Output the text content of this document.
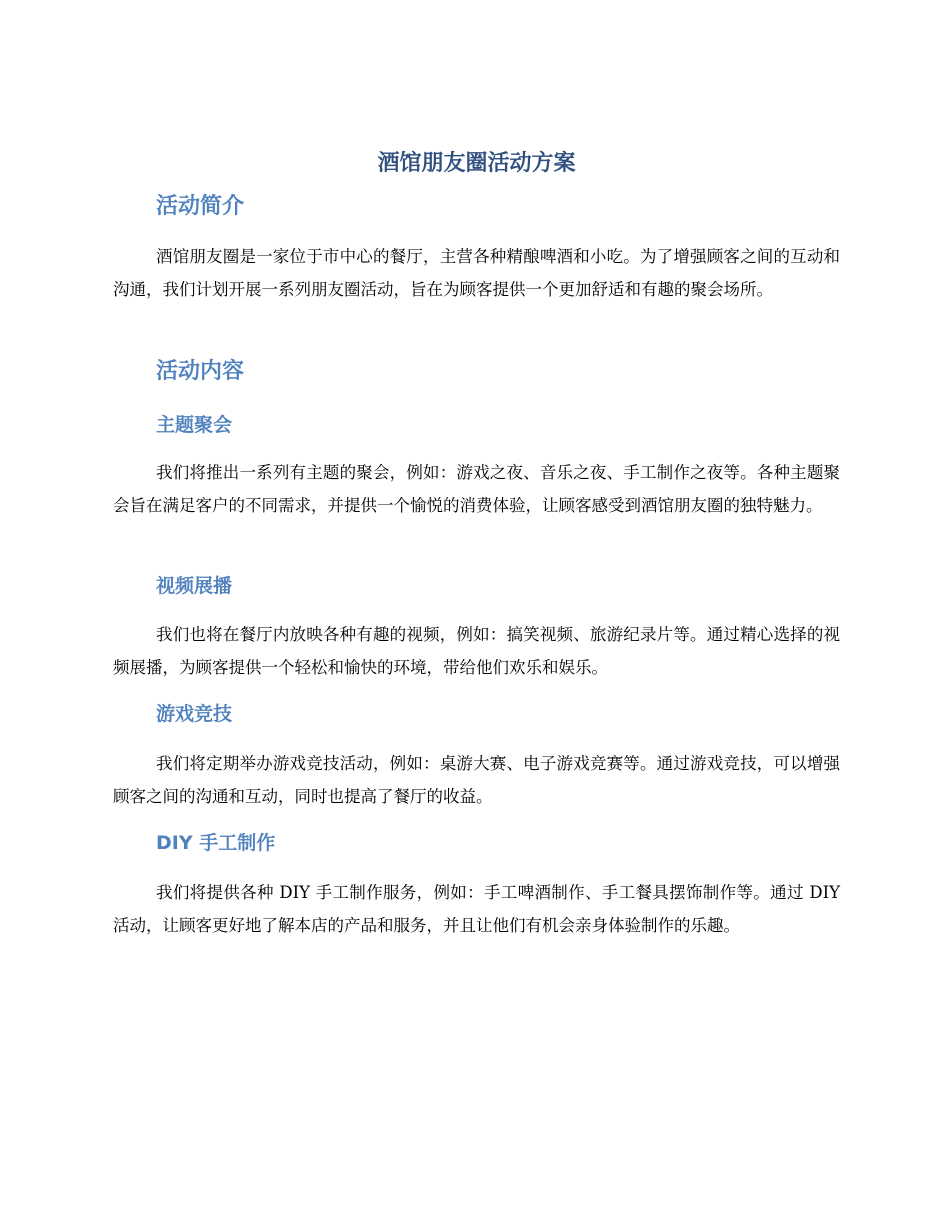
酒馆朋友圈活动方案
活动简介

酒馆朋友圈是一家位于市中心的餐厅，主营各种精酿啤酒和小吃。为了增强顾客之间的互动和沟通，我们计划开展一系列朋友圈活动，旨在为顾客提供一个更加舒适和有趣的聚会场所。

活动内容
主题聚会

我们将推出一系列有主题的聚会，例如：游戏之夜、音乐之夜、手工制作之夜等。各种主题聚会旨在满足客户的不同需求，并提供一个愉悦的消费体验，让顾客感受到酒馆朋友圈的独特魅力。

视频展播

我们也将在餐厅内放映各种有趣的视频，例如：搞笑视频、旅游纪录片等。通过精心选择的视频展播，为顾客提供一个轻松和愉快的环境，带给他们欢乐和娱乐。

游戏竞技

我们将定期举办游戏竞技活动，例如：桌游大赛、电子游戏竞赛等。通过游戏竞技，可以增强顾客之间的沟通和互动，同时也提高了餐厅的收益。

DIY 手工制作

我们将提供各种 DIY 手工制作服务，例如：手工啤酒制作、手工餐具摆饰制作等。通过 DIY 活动，让顾客更好地了解本店的产品和服务，并且让他们有机会亲身体验制作的乐趣。
